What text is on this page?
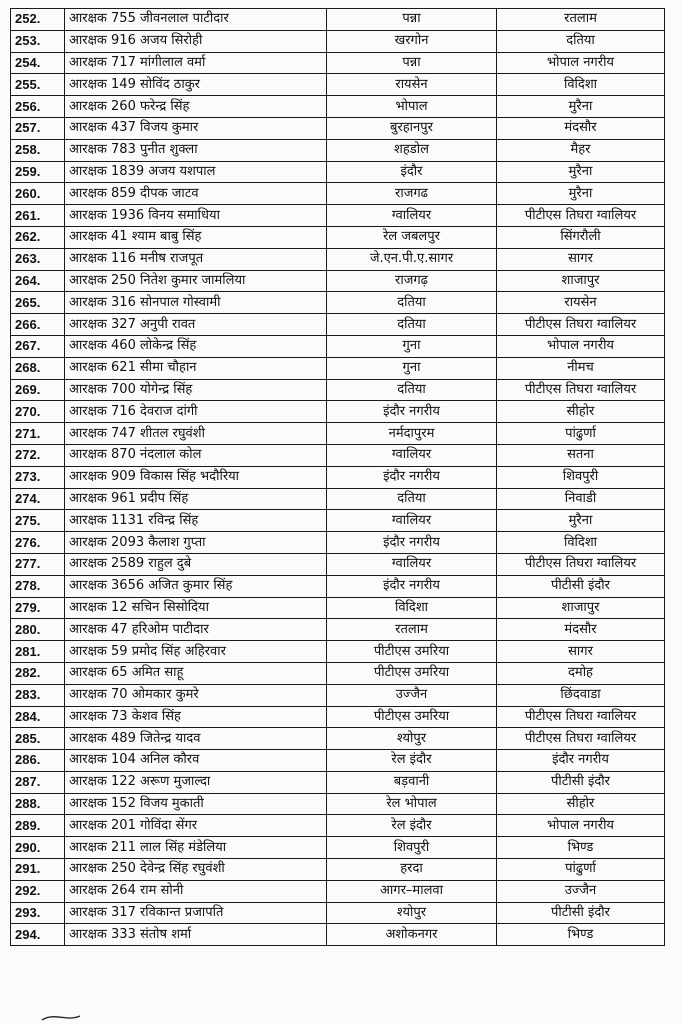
252.	आरक्षक 755 जीवनलाल पाटीदार	पन्ना	रतलाम
253.	आरक्षक 916 अजय सिरोही	खरगोन	दतिया
254.	आरक्षक 717 मांगीलाल वर्मा	पन्ना	भोपाल नगरीय
255.	आरक्षक 149 सोविंद ठाकुर	रायसेन	विदिशा
256.	आरक्षक 260 फरेन्द्र सिंह	भोपाल	मुरैना
257.	आरक्षक 437 विजय कुमार	बुरहानपुर	मंदसौर
258.	आरक्षक 783 पुनीत शुक्ला	शहडोल	मैहर
259.	आरक्षक 1839 अजय यशपाल	इंदौर	मुरैना
260.	आरक्षक 859 दीपक जाटव	राजगढ	मुरैना
261.	आरक्षक 1936 विनय समाधिया	ग्वालियर	पीटीएस तिघरा ग्वालियर
262.	आरक्षक 41 श्याम बाबु सिंह	रेल जबलपुर	सिंगरौली
263.	आरक्षक 116 मनीष राजपूत	जे.एन.पी.ए.सागर	सागर
264.	आरक्षक 250 नितेश कुमार जामलिया	राजगढ़	शाजापुर
265.	आरक्षक 316 सोनपाल गोस्वामी	दतिया	रायसेन
266.	आरक्षक 327 अनुपी रावत	दतिया	पीटीएस तिघरा ग्वालियर
267.	आरक्षक 460 लोकेन्द्र सिंह	गुना	भोपाल नगरीय
268.	आरक्षक 621 सीमा चौहान	गुना	नीमच
269.	आरक्षक 700 योगेन्द्र सिंह	दतिया	पीटीएस तिघरा ग्वालियर
270.	आरक्षक 716 देवराज दांगी	इंदौर नगरीय	सीहोर
271.	आरक्षक 747 शीतल रघुवंशी	नर्मदापुरम	पांढुर्णा
272.	आरक्षक 870 नंदलाल कोल	ग्वालियर	सतना
273.	आरक्षक 909 विकास सिंह भदौरिया	इंदौर नगरीय	शिवपुरी
274.	आरक्षक 961 प्रदीप सिंह	दतिया	निवाडी
275.	आरक्षक 1131 रविन्द्र सिंह	ग्वालियर	मुरैना
276.	आरक्षक 2093 कैलाश गुप्ता	इंदौर नगरीय	विदिशा
277.	आरक्षक 2589 राहुल दुबे	ग्वालियर	पीटीएस तिघरा ग्वालियर
278.	आरक्षक 3656 अजित कुमार सिंह	इंदौर नगरीय	पीटीसी इंदौर
279.	आरक्षक 12 सचिन सिसोदिया	विदिशा	शाजापुर
280.	आरक्षक 47 हरिओम पाटीदार	रतलाम	मंदसौर
281.	आरक्षक 59 प्रमोद सिंह अहिरवार	पीटीएस उमरिया	सागर
282.	आरक्षक 65 अमित साहू	पीटीएस उमरिया	दमोह
283.	आरक्षक 70 ओमकार कुमरे	उज्जैन	छिंदवाडा
284.	आरक्षक 73 केशव सिंह	पीटीएस उमरिया	पीटीएस तिघरा ग्वालियर
285.	आरक्षक 489 जितेन्द्र यादव	श्योपुर	पीटीएस तिघरा ग्वालियर
286.	आरक्षक 104 अनिल कौरव	रेल इंदौर	इंदौर नगरीय
287.	आरक्षक 122 अरूण मुजाल्दा	बड़वानी	पीटीसी इंदौर
288.	आरक्षक 152 विजय मुकाती	रेल भोपाल	सीहोर
289.	आरक्षक 201 गोविंदा सेंगर	रेल इंदौर	भोपाल नगरीय
290.	आरक्षक 211 लाल सिंह मंडेलिया	शिवपुरी	भिण्ड
291.	आरक्षक 250 देवेन्द्र सिंह रघुवंशी	हरदा	पांढुर्णा
292.	आरक्षक 264 राम सोनी	आगर–मालवा	उज्जैन
293.	आरक्षक 317 रविकान्त प्रजापति	श्योपुर	पीटीसी इंदौर
294.	आरक्षक 333 संतोष शर्मा	अशोकनगर	भिण्ड
